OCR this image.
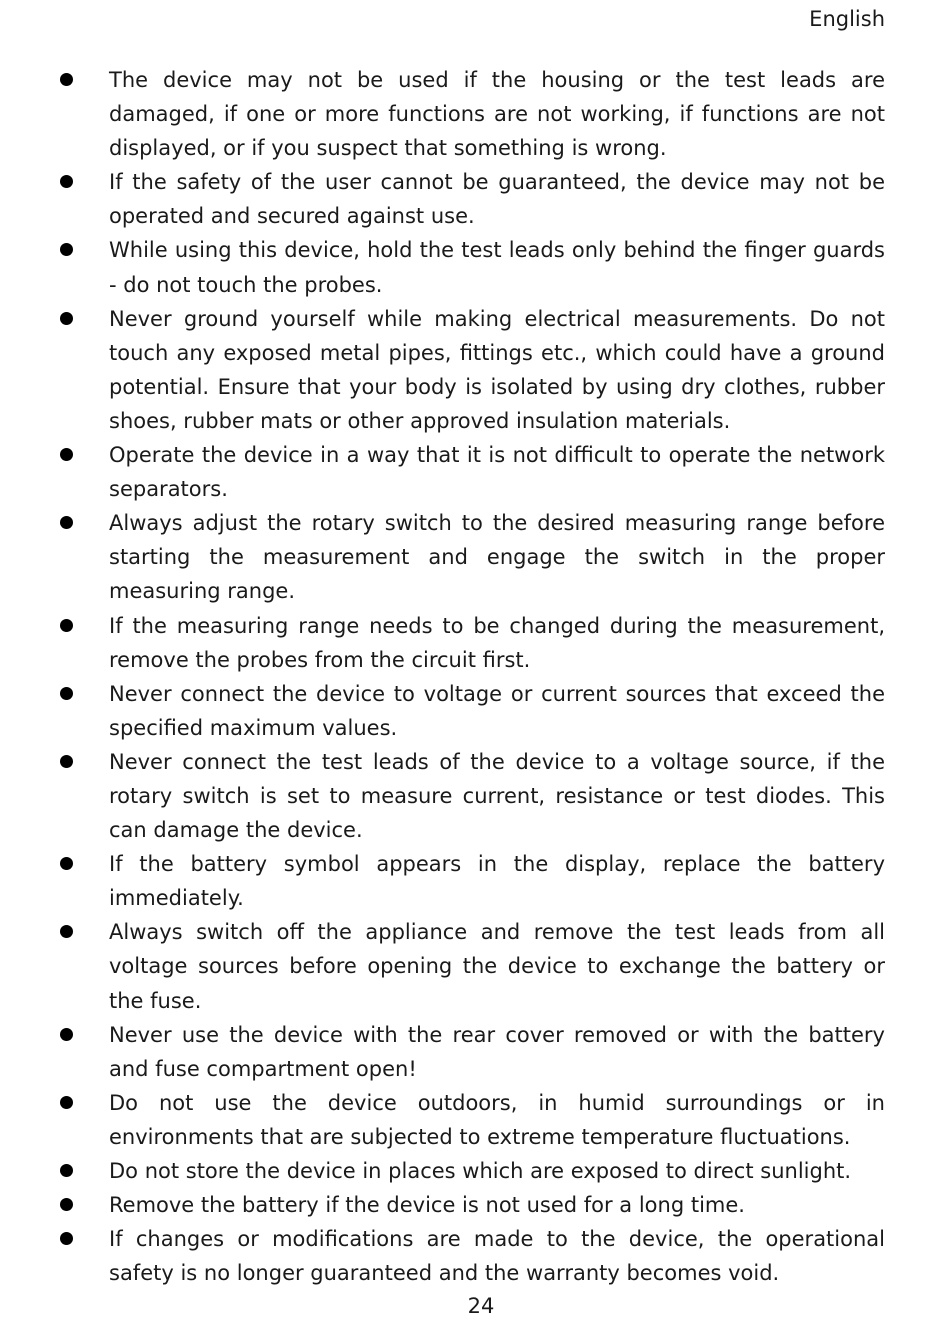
English
The device may not be used if the housing or the test leads are damaged, if one or more functions are not working, if functions are not displayed, or if you suspect that something is wrong.
If the safety of the user cannot be guaranteed, the device may not be operated and secured against use.
While using this device, hold the test leads only behind the finger guards - do not touch the probes.
Never ground yourself while making electrical measurements. Do not touch any exposed metal pipes, fittings etc., which could have a ground potential. Ensure that your body is isolated by using dry clothes, rubber shoes, rubber mats or other approved insulation materials.
Operate the device in a way that it is not difficult to operate the network separators.
Always adjust the rotary switch to the desired measuring range before starting the measurement and engage the switch in the proper measuring range.
If the measuring range needs to be changed during the measurement, remove the probes from the circuit first.
Never connect the device to voltage or current sources that exceed the specified maximum values.
Never connect the test leads of the device to a voltage source, if the rotary switch is set to measure current, resistance or test diodes. This can damage the device.
If the battery symbol appears in the display, replace the battery immediately.
Always switch off the appliance and remove the test leads from all voltage sources before opening the device to exchange the battery or the fuse.
Never use the device with the rear cover removed or with the battery and fuse compartment open!
Do not use the device outdoors, in humid surroundings or in environments that are subjected to extreme temperature fluctuations.
Do not store the device in places which are exposed to direct sunlight.
Remove the battery if the device is not used for a long time.
If changes or modifications are made to the device, the operational safety is no longer guaranteed and the warranty becomes void.
24
